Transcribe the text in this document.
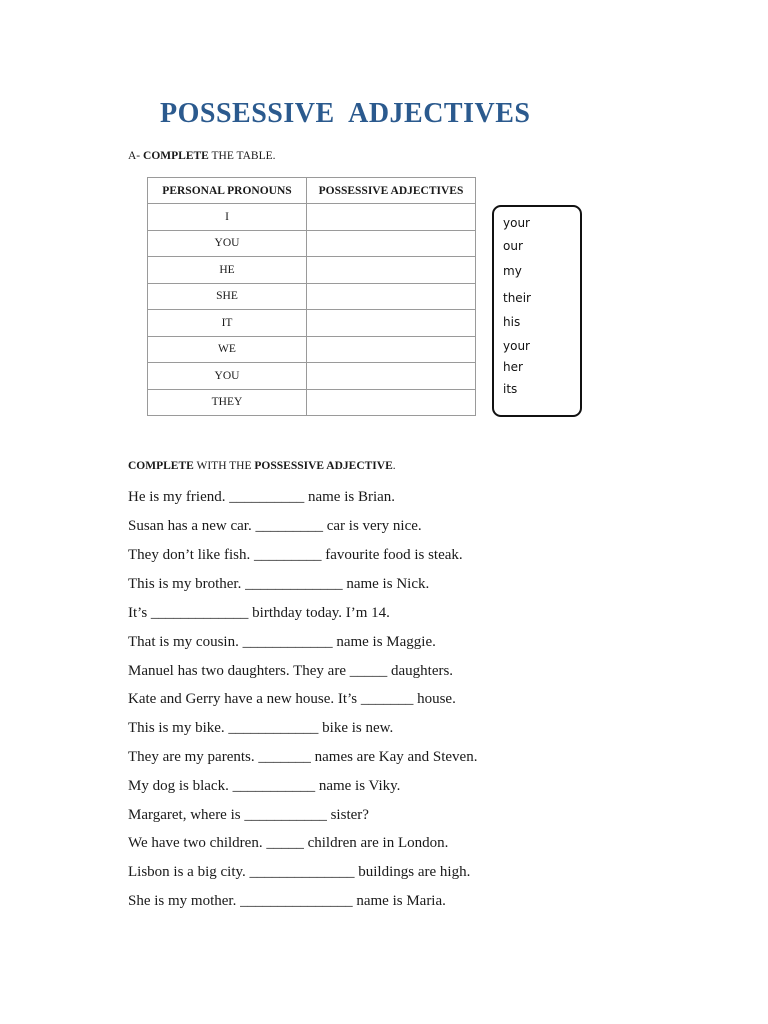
POSSESSIVE  ADJECTIVES
A- COMPLETE THE TABLE.
PERSONAL PRONOUNS	POSSESSIVE ADJECTIVES
I	
YOU	
HE	
SHE	
IT	
WE	
YOU	
THEY	
your
our
my
their
his
your
her
its
COMPLETE WITH THE POSSESSIVE ADJECTIVE.
He is my friend. __________ name is Brian.
Susan has a new car. _________ car is very nice.
They don’t like fish. _________ favourite food is steak.
This is my brother. _____________ name is Nick.
It’s _____________ birthday today. I’m 14.
That is my cousin. ____________ name is Maggie.
Manuel has two daughters. They are _____ daughters.
Kate and Gerry have a new house. It’s _______ house.
This is my bike. ____________ bike is new.
They are my parents. _______ names are Kay and Steven.
My dog is black. ___________ name is Viky.
Margaret, where is ___________ sister?
We have two children. _____ children are in London.
Lisbon is a big city. ______________ buildings are high.
She is my mother. _______________ name is Maria.
